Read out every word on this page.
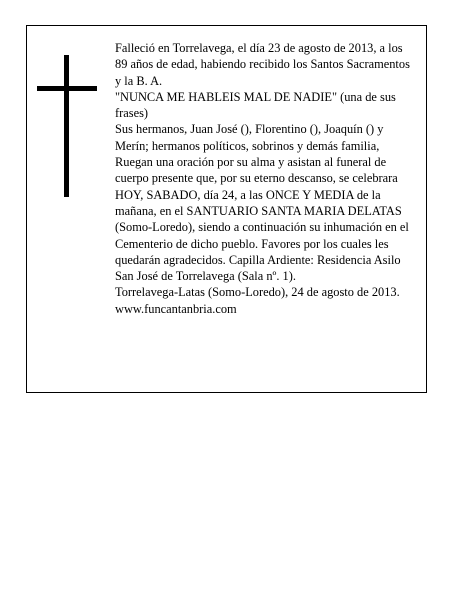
Falleció en Torrelavega, el día 23 de agosto de 2013, a los 89 años de edad, habiendo recibido los Santos Sacramentos y la B. A.

"NUNCA ME HABLEIS MAL DE NADIE" (una de sus frases)

Sus hermanos, Juan José (), Florentino (), Joaquín () y Merín; hermanos políticos, sobrinos y demás familia, Ruegan una oración por su alma y asistan al funeral de cuerpo presente que, por su eterno descanso, se celebrara HOY, SABADO, día 24, a las ONCE Y MEDIA de la mañana, en el SANTUARIO SANTA MARIA DELATAS (Somo-Loredo), siendo a continuación su inhumación en el Cementerio de dicho pueblo. Favores por los cuales les quedarán agradecidos. Capilla Ardiente: Residencia Asilo San José de Torrelavega (Sala nº. 1).

Torrelavega-Latas (Somo-Loredo), 24 de agosto de 2013. www.funcantanbria.com
